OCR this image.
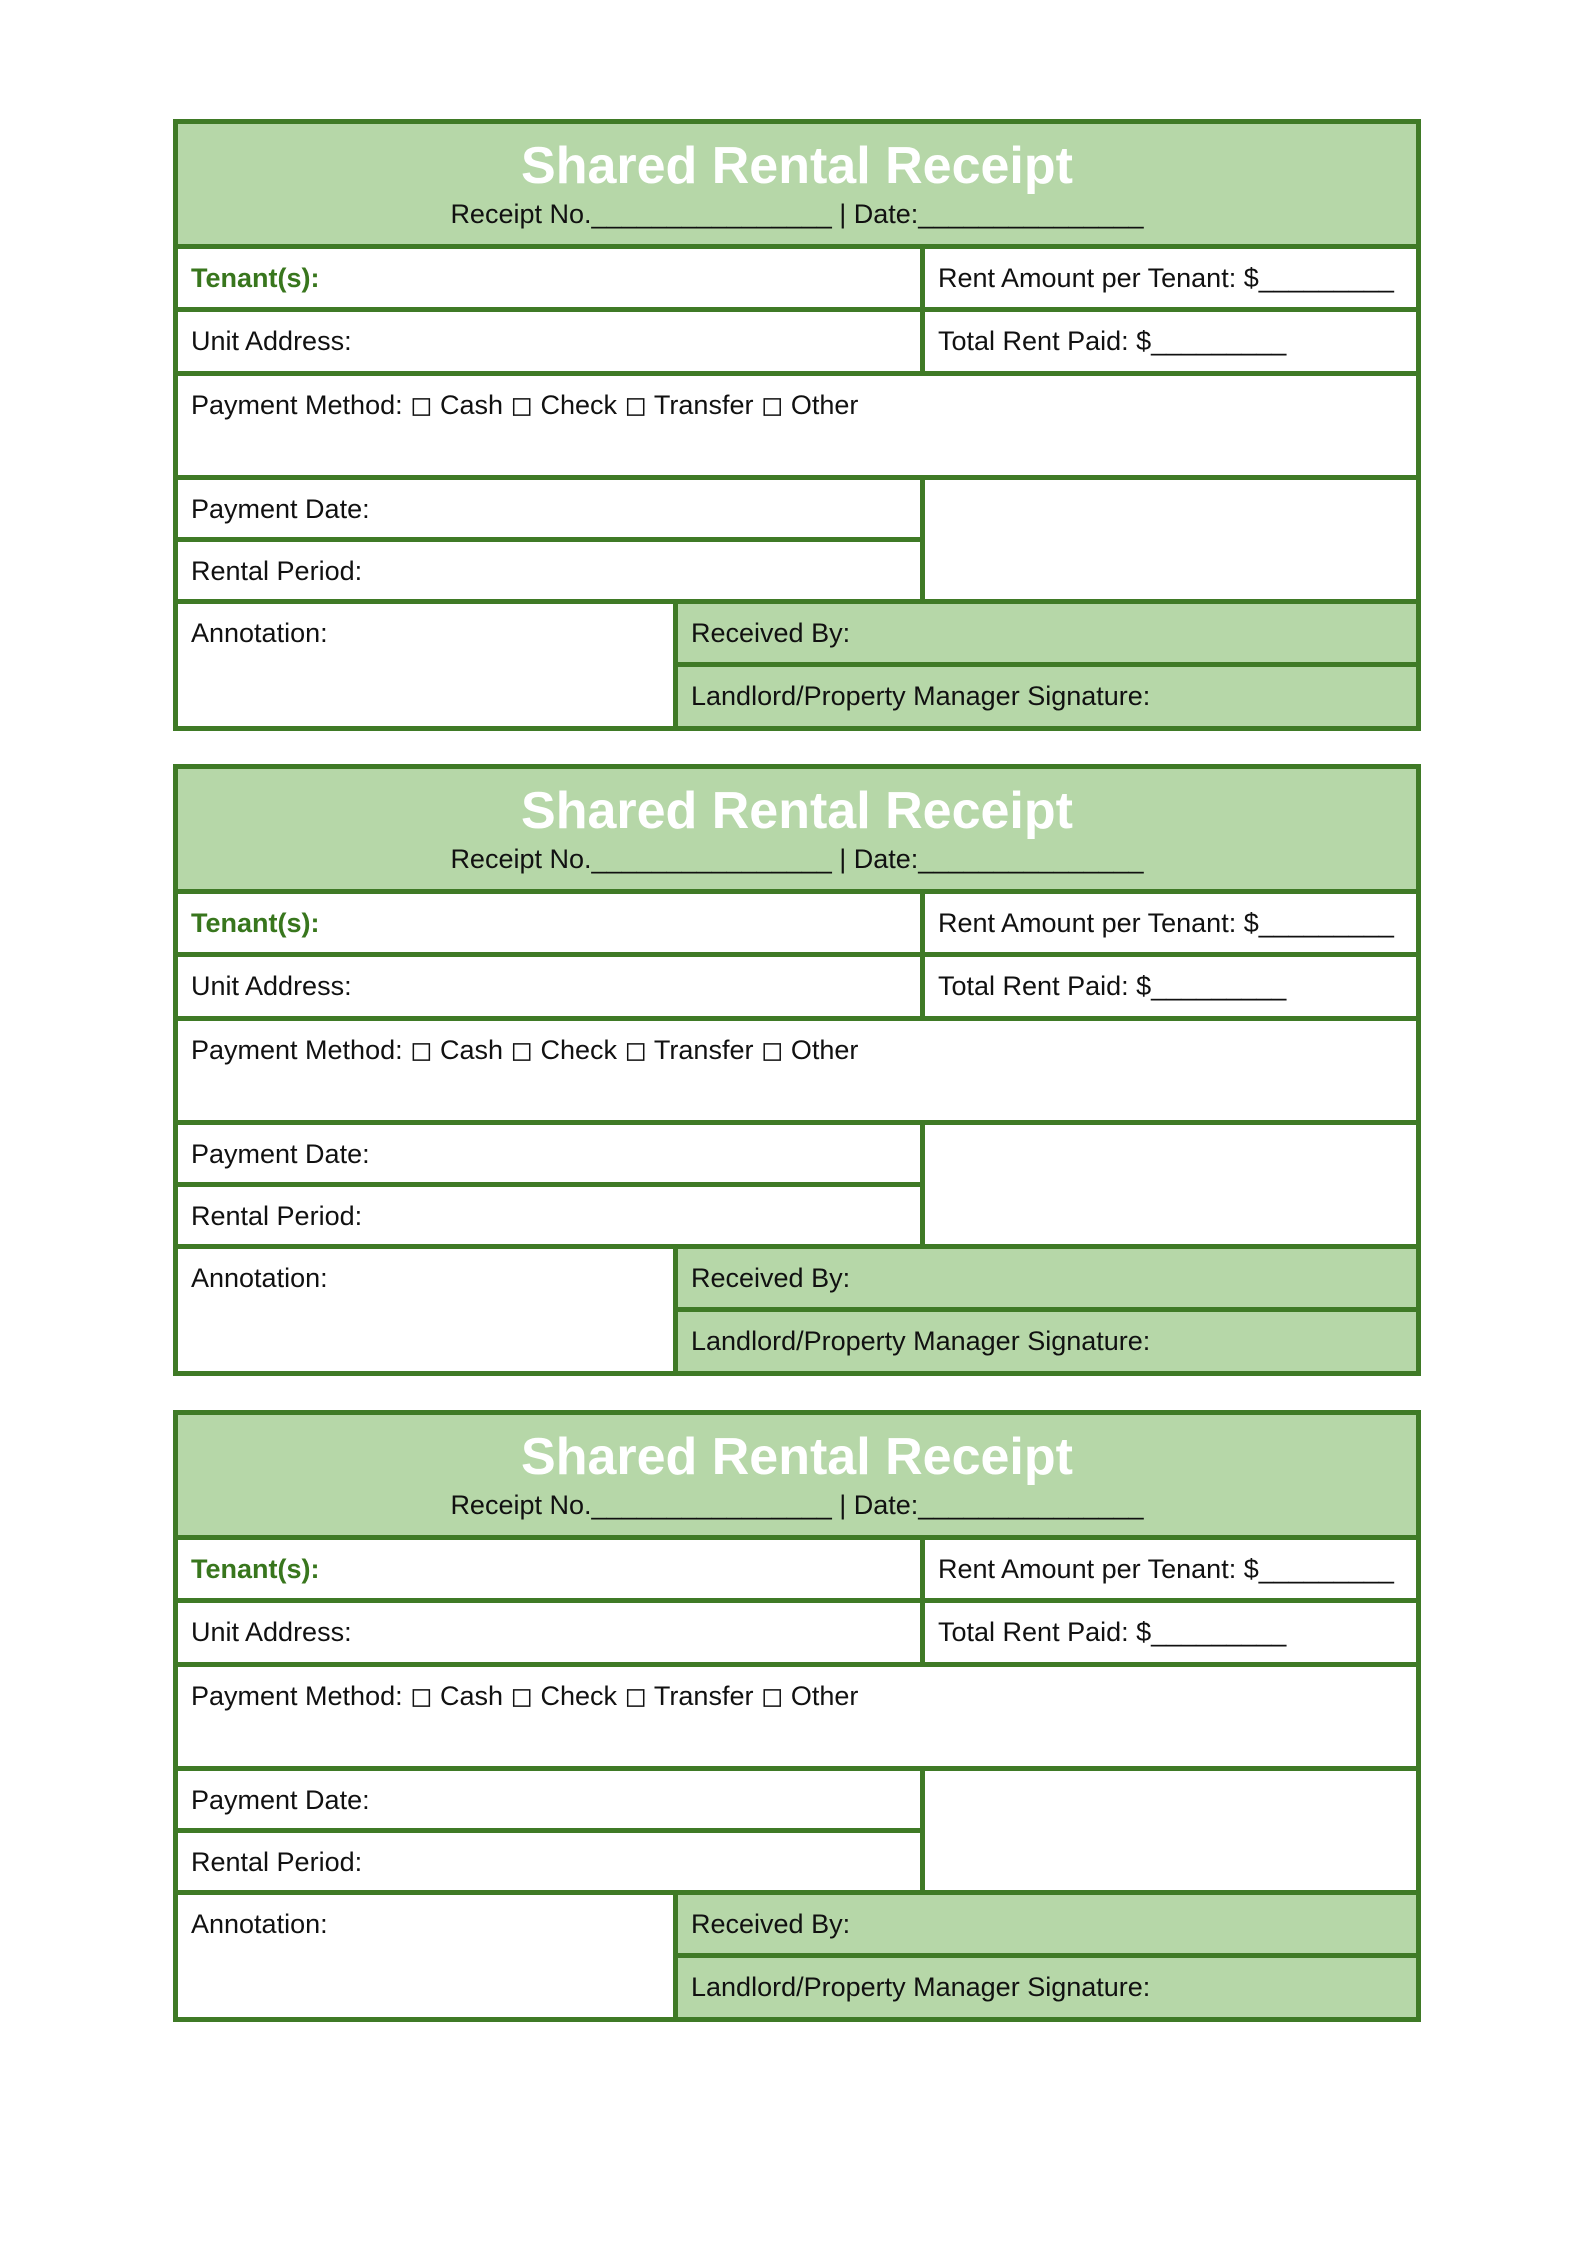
Shared Rental Receipt
Receipt No.________________ | Date:_______________
Tenant(s):	Rent Amount per Tenant: $_________
Unit Address:	Total Rent Paid: $_________
Payment Method: ◻ Cash ◻ Check ◻ Transfer ◻ Other
Payment Date:
Rental Period:
Annotation:	Received By:
Landlord/Property Manager Signature:
Shared Rental Receipt
Receipt No.________________ | Date:_______________
Tenant(s):	Rent Amount per Tenant: $_________
Unit Address:	Total Rent Paid: $_________
Payment Method: ◻ Cash ◻ Check ◻ Transfer ◻ Other
Payment Date:
Rental Period:
Annotation:	Received By:
Landlord/Property Manager Signature:
Shared Rental Receipt
Receipt No.________________ | Date:_______________
Tenant(s):	Rent Amount per Tenant: $_________
Unit Address:	Total Rent Paid: $_________
Payment Method: ◻ Cash ◻ Check ◻ Transfer ◻ Other
Payment Date:
Rental Period:
Annotation:	Received By:
Landlord/Property Manager Signature:
